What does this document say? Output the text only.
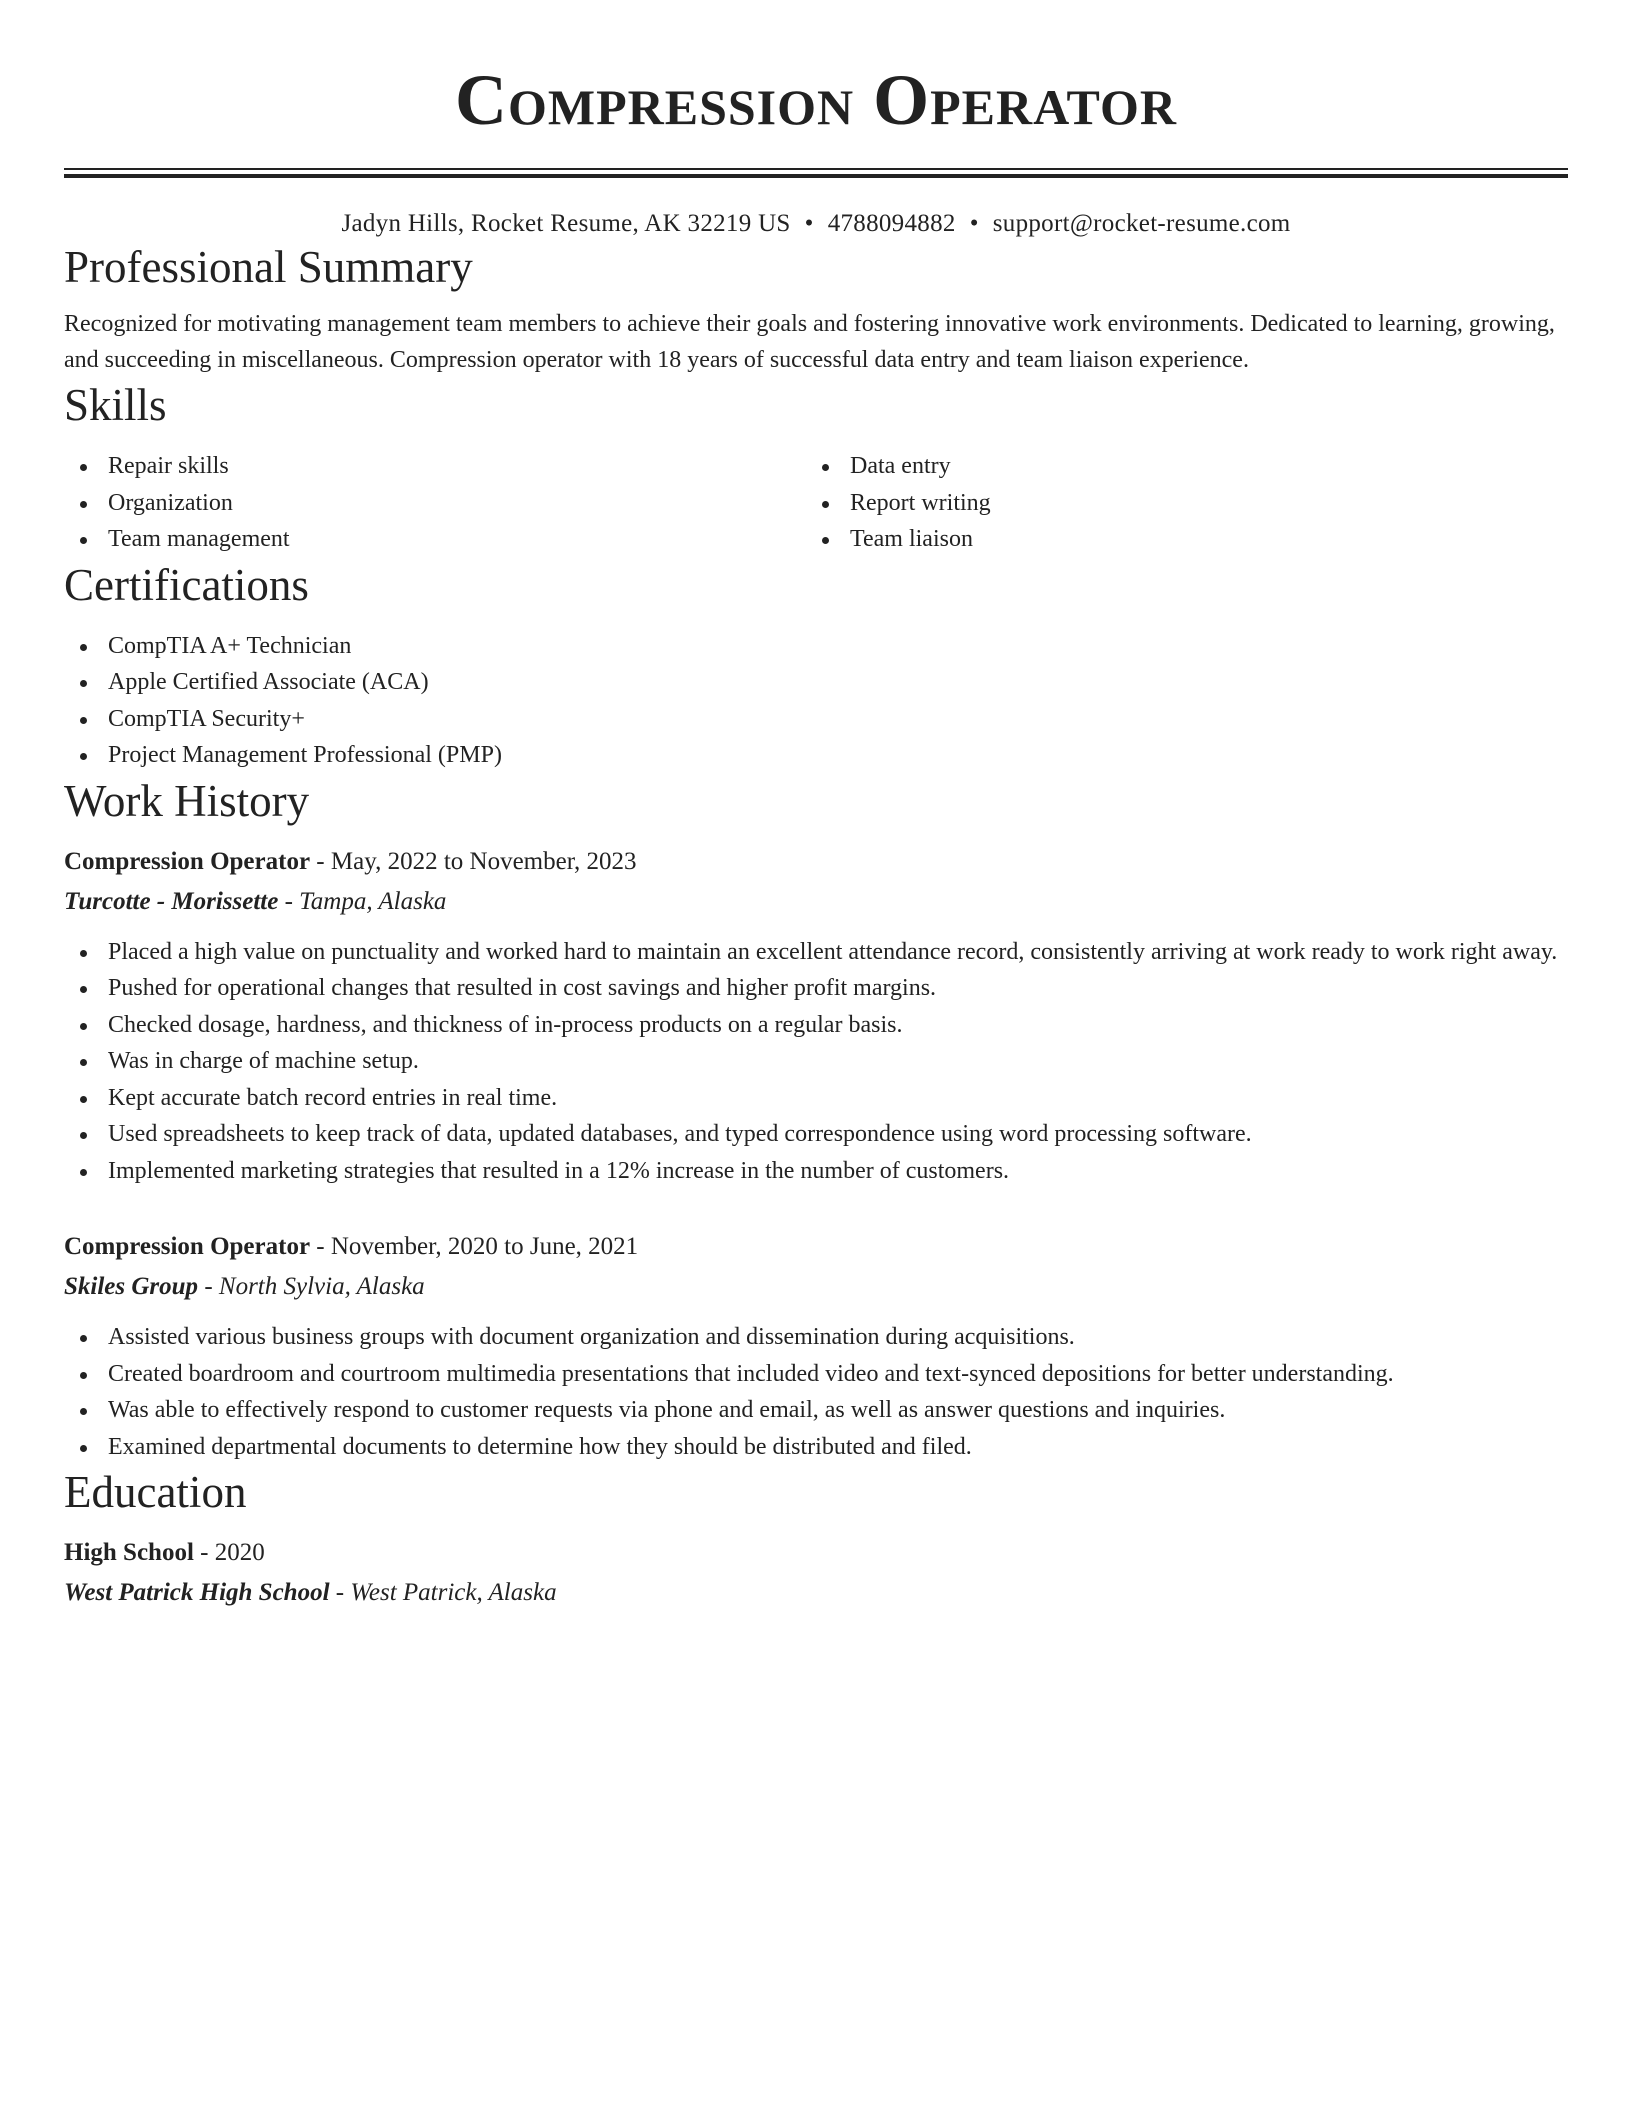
Compression Operator
Jadyn Hills, Rocket Resume, AK 32219 US • 4788094882 • support@rocket-resume.com
Professional Summary
Recognized for motivating management team members to achieve their goals and fostering innovative work environments. Dedicated to learning, growing, and succeeding in miscellaneous. Compression operator with 18 years of successful data entry and team liaison experience.
Skills
Repair skills
Organization
Team management
Data entry
Report writing
Team liaison
Certifications
CompTIA A+ Technician
Apple Certified Associate (ACA)
CompTIA Security+
Project Management Professional (PMP)
Work History
Compression Operator - May, 2022 to November, 2023
Turcotte - Morissette - Tampa, Alaska
Placed a high value on punctuality and worked hard to maintain an excellent attendance record, consistently arriving at work ready to work right away.
Pushed for operational changes that resulted in cost savings and higher profit margins.
Checked dosage, hardness, and thickness of in-process products on a regular basis.
Was in charge of machine setup.
Kept accurate batch record entries in real time.
Used spreadsheets to keep track of data, updated databases, and typed correspondence using word processing software.
Implemented marketing strategies that resulted in a 12% increase in the number of customers.
Compression Operator - November, 2020 to June, 2021
Skiles Group - North Sylvia, Alaska
Assisted various business groups with document organization and dissemination during acquisitions.
Created boardroom and courtroom multimedia presentations that included video and text-synced depositions for better understanding.
Was able to effectively respond to customer requests via phone and email, as well as answer questions and inquiries.
Examined departmental documents to determine how they should be distributed and filed.
Education
High School - 2020
West Patrick High School - West Patrick, Alaska
